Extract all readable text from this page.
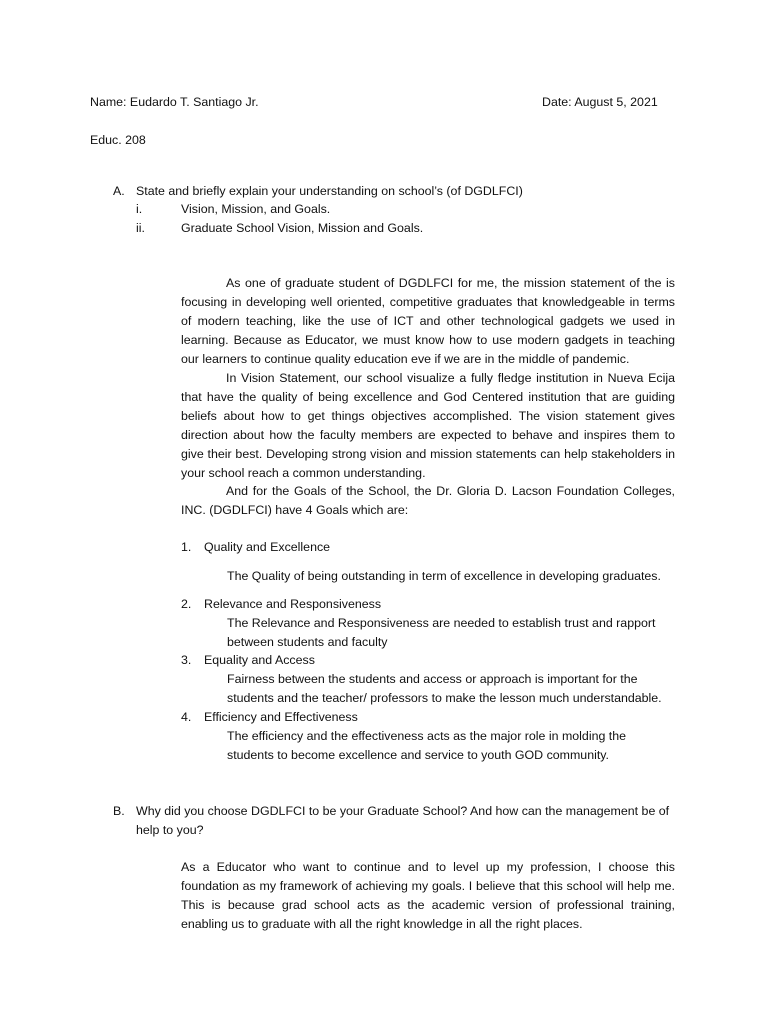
Name: Eudardo T. Santiago Jr.	Date: August 5, 2021
Educ. 208
A. State and briefly explain your understanding on school’s (of DGDLFCI)
i.	Vision, Mission, and Goals.
ii.	Graduate School Vision, Mission and Goals.
As one of graduate student of DGDLFCI for me, the mission statement of the is focusing in developing well oriented, competitive graduates that knowledgeable in terms of modern teaching, like the use of ICT and other technological gadgets we used in learning. Because as Educator, we must know how to use modern gadgets in teaching our learners to continue quality education eve if we are in the middle of pandemic.
In Vision Statement, our school visualize a fully fledge institution in Nueva Ecija that have the quality of being excellence and God Centered institution that are guiding beliefs about how to get things objectives accomplished. The vision statement gives direction about how the faculty members are expected to behave and inspires them to give their best. Developing strong vision and mission statements can help stakeholders in your school reach a common understanding.
And for the Goals of the School, the Dr. Gloria D. Lacson Foundation Colleges, INC. (DGDLFCI) have 4 Goals which are:
1. Quality and Excellence
The Quality of being outstanding in term of excellence in developing graduates.
2. Relevance and Responsiveness
The Relevance and Responsiveness are needed to establish trust and rapport between students and faculty
3. Equality and Access
Fairness between the students and access or approach is important for the students and the teacher/ professors to make the lesson much understandable.
4. Efficiency and Effectiveness
The efficiency and the effectiveness acts as the major role in molding the students to become excellence and service to youth GOD community.
B. Why did you choose DGDLFCI to be your Graduate School? And how can the management be of help to you?
As a Educator who want to continue and to level up my profession, I choose this foundation as my framework of achieving my goals. I believe that this school will help me. This is because grad school acts as the academic version of professional training, enabling us to graduate with all the right knowledge in all the right places.
